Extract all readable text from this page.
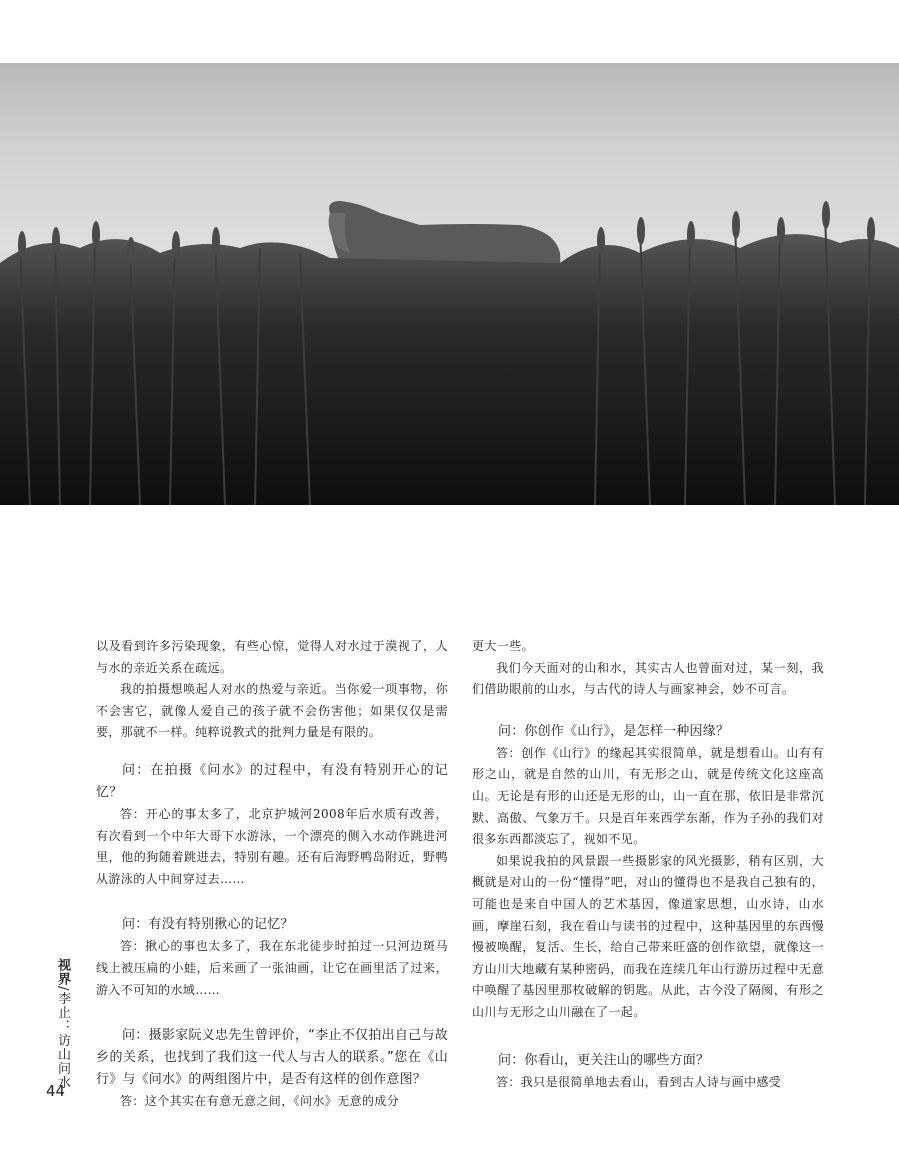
以及看到许多污染现象，有些心惊，觉得人对水过于漠视了，人与水的亲近关系在疏远。

我的拍摄想唤起人对水的热爱与亲近。当你爱一项事物，你不会害它，就像人爱自己的孩子就不会伤害他；如果仅仅是需要，那就不一样。纯粹说教式的批判力量是有限的。

问：在拍摄《问水》的过程中，有没有特别开心的记忆？

答：开心的事太多了，北京护城河2008年后水质有改善，有次看到一个中年大哥下水游泳，一个漂亮的侧入水动作跳进河里，他的狗随着跳进去，特别有趣。还有后海野鸭岛附近，野鸭从游泳的人中间穿过去……

问：有没有特别揪心的记忆？

答：揪心的事也太多了，我在东北徒步时拍过一只河边斑马线上被压扁的小蛙，后来画了一张油画，让它在画里活了过来，游入不可知的水域……

问：摄影家阮义忠先生曾评价，“李止不仅拍出自己与故乡的关系，也找到了我们这一代人与古人的联系。”您在《山行》与《问水》的两组图片中，是否有这样的创作意图？

答：这个其实在有意无意之间，《问水》无意的成分

更大一些。

我们今天面对的山和水，其实古人也曾面对过，某一刻，我们借助眼前的山水，与古代的诗人与画家神会，妙不可言。

问：你创作《山行》，是怎样一种因缘？

答：创作《山行》的缘起其实很简单，就是想看山。山有有形之山，就是自然的山川，有无形之山，就是传统文化这座高山。无论是有形的山还是无形的山，山一直在那，依旧是非常沉默、高傲、气象万千。只是百年来西学东渐，作为子孙的我们对很多东西都淡忘了，视如不见。

如果说我拍的风景跟一些摄影家的风光摄影，稍有区别，大概就是对山的一份“懂得”吧，对山的懂得也不是我自己独有的，可能也是来自中国人的艺术基因，像道家思想，山水诗，山水画，摩崖石刻，我在看山与读书的过程中，这种基因里的东西慢慢被唤醒，复活、生长，给自己带来旺盛的创作欲望，就像这一方山川大地藏有某种密码，而我在连续几年山行游历过程中无意中唤醒了基因里那枚破解的钥匙。从此，古今没了隔阂，有形之山川与无形之山川融在了一起。

问：你看山，更关注山的哪些方面？

答：我只是很简单地去看山，看到古人诗与画中感受

视界/李止：访山问水
44
